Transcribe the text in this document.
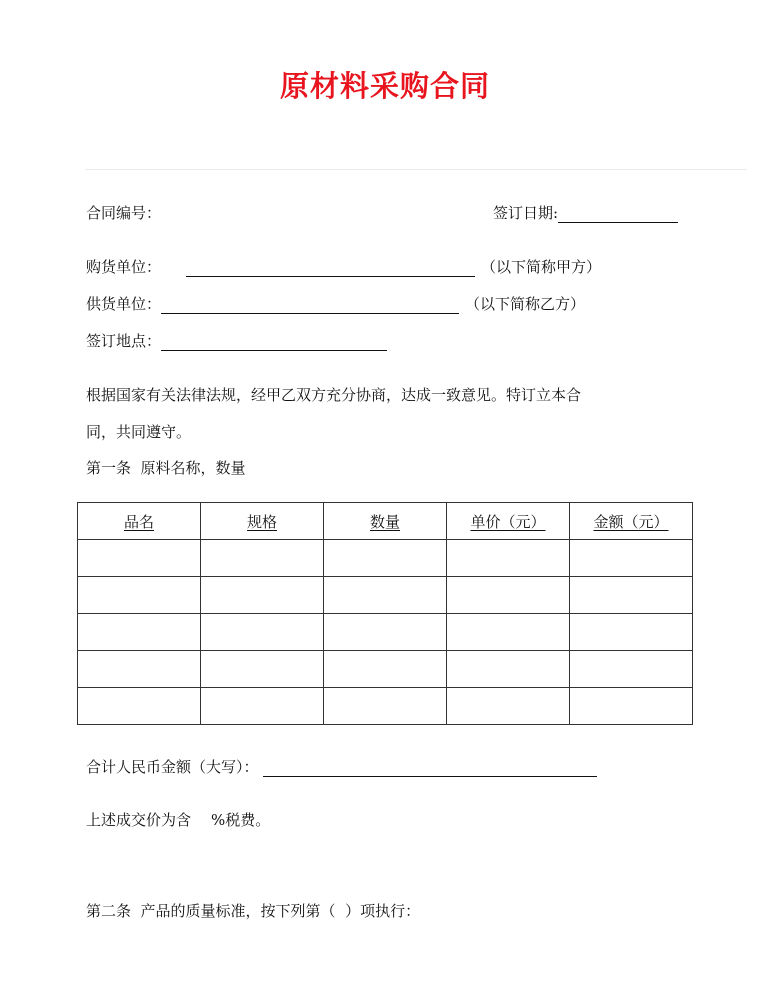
原材料采购合同
合同编号：	签订日期:
购货单位：	（以下简称甲方）
供货单位：	（以下简称乙方）
签订地点：
根据国家有关法律法规，经甲乙双方充分协商，达成一致意见。特订立本合
同，共同遵守。
第一条  原料名称，数量
品名	规格	数量	单价（元）	金额（元）

合计人民币金额（大写）：
上述成交价为含 %税费。
第二条  产品的质量标准，按下列第（  ）项执行：
